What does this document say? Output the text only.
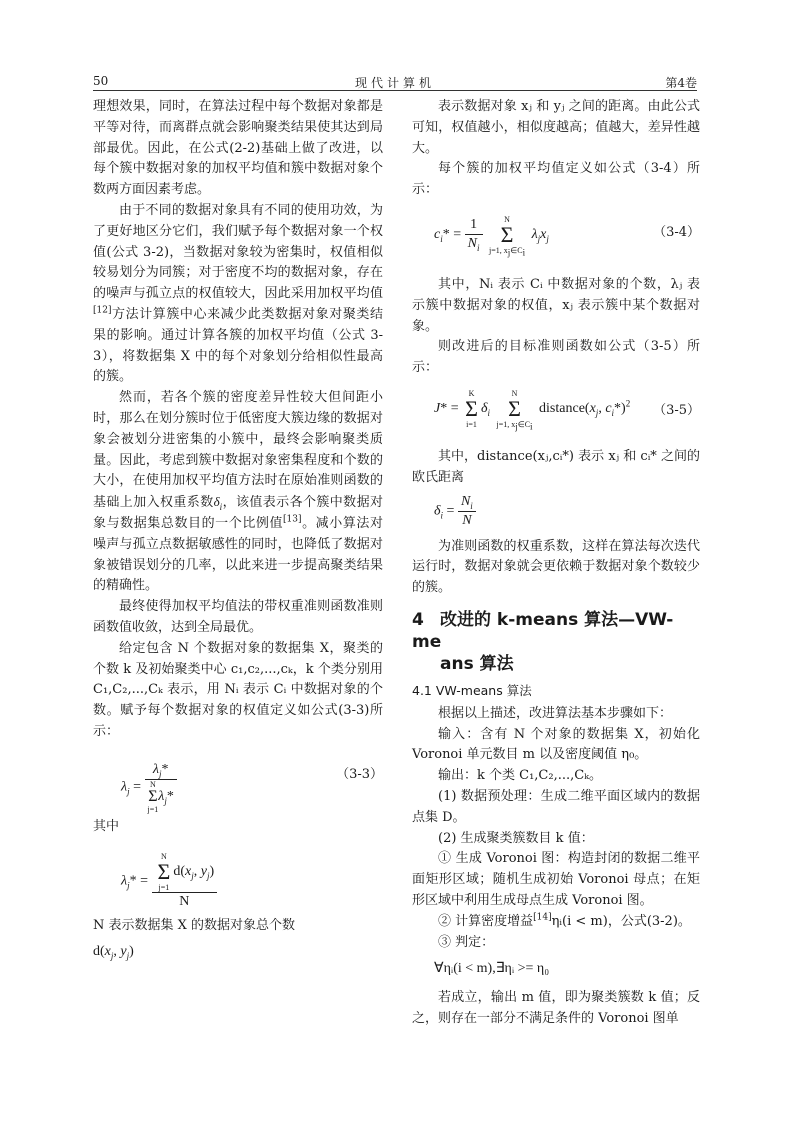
50	现代计算机	第4卷

理想效果，同时，在算法过程中每个数据对象都是平等对待，而离群点就会影响聚类结果使其达到局部最优。因此，在公式(2-2)基础上做了改进，以每个簇中数据对象的加权平均值和簇中数据对象个数两方面因素考虑。

由于不同的数据对象具有不同的使用功效，为了更好地区分它们，我们赋予每个数据对象一个权值(公式 3-2)，当数据对象较为密集时，权值相似较易划分为同簇；对于密度不均的数据对象，存在的噪声与孤立点的权值较大，因此采用加权平均值[12]方法计算簇中心来减少此类数据对象对聚类结果的影响。通过计算各簇的加权平均值（公式 3-3），将数据集 X 中的每个对象划分给相似性最高的簇。

然而，若各个簇的密度差异性较大但间距小时，那么在划分簇时位于低密度大簇边缘的数据对象会被划分进密集的小簇中，最终会影响聚类质量。因此，考虑到簇中数据对象密集程度和个数的大小，在使用加权平均值方法时在原始准则函数的基础上加入权重系数$\delta_i$，该值表示各个簇中数据对象与数据集总数目的一个比例值[13]。减小算法对噪声与孤立点数据敏感性的同时，也降低了数据对象被错误划分的几率，以此来进一步提高聚类结果的精确性。

最终使得加权平均值法的带权重准则函数准则函数值收敛，达到全局最优。

给定包含 N 个数据对象的数据集 X，聚类的个数 k 及初始聚类中心 c₁,c₂,...,cₖ，k 个类分别用 C₁,C₂,...,Cₖ 表示，用 Nᵢ 表示 Cᵢ 中数据对象的个数。赋予每个数据对象的权值定义如公式(3-3)所示：

$\lambda_j = \lambda_j*$
N
Σ
j=1
$\lambda_j*$	（3-3）

其中

$\lambda_j* = N$
Σ
j=1
$d(x_j$, $y_j$)
N

N 表示数据集 X 的数据对象总个数

$d(x_j$, $y_j$)

表示数据对象 xⱼ 和 yⱼ 之间的距离。由此公式可知，权值越小，相似度越高；值越大，差异性越大。

每个簇的加权平均值定义如公式（3-4）所示：

$c_i* = \frac{1}{N_i}$
	N
Σ
j=1, $x_j\in C_i$
$\lambda_jx_j$	（3-4）

其中，Nᵢ 表示 Cᵢ 中数据对象的个数，λⱼ 表示簇中数据对象的权值，xⱼ 表示簇中某个数据对象。

则改进后的目标准则函数如公式（3-5）所示：

J* =
K
Σ
i=1
$\delta_i$
N
Σ
j=1, $x_j\in C_i$
$distance(x_j$, $c_i*)^2$ （3-5）

其中，distance(xⱼ,cᵢ*) 表示 xⱼ 和 cᵢ* 之间的欧氏距离

$\delta_i = \frac{N_i}{N}$

为准则函数的权重系数，这样在算法每次迭代运行时，数据对象就会更依赖于数据对象个数较少的簇。

4 改进的 k-means 算法—VW-me
ans 算法
4.1 VW-means 算法

根据以上描述，改进算法基本步骤如下：

输入：含有 N 个对象的数据集 X，初始化 Voronoi 单元数目 m 以及密度阈值 η₀。

输出：k 个类 C₁,C₂,...,Cₖ。

(1) 数据预处理：生成二维平面区域内的数据点集 D。

(2) 生成聚类簇数目 k 值：

① 生成 Voronoi 图：构造封闭的数据二维平面矩形区域；随机生成初始 Voronoi 母点；在矩形区域中利用生成母点生成 Voronoi 图。

② 计算密度增益[14]ηᵢ(i < m)，公式(3-2)。

③ 判定：

∀ηᵢ(i < m),∃ηᵢ >= η₀

若成立，输出 m 值，即为聚类簇数 k 值；反之，则存在一部分不满足条件的 Voronoi 图单
